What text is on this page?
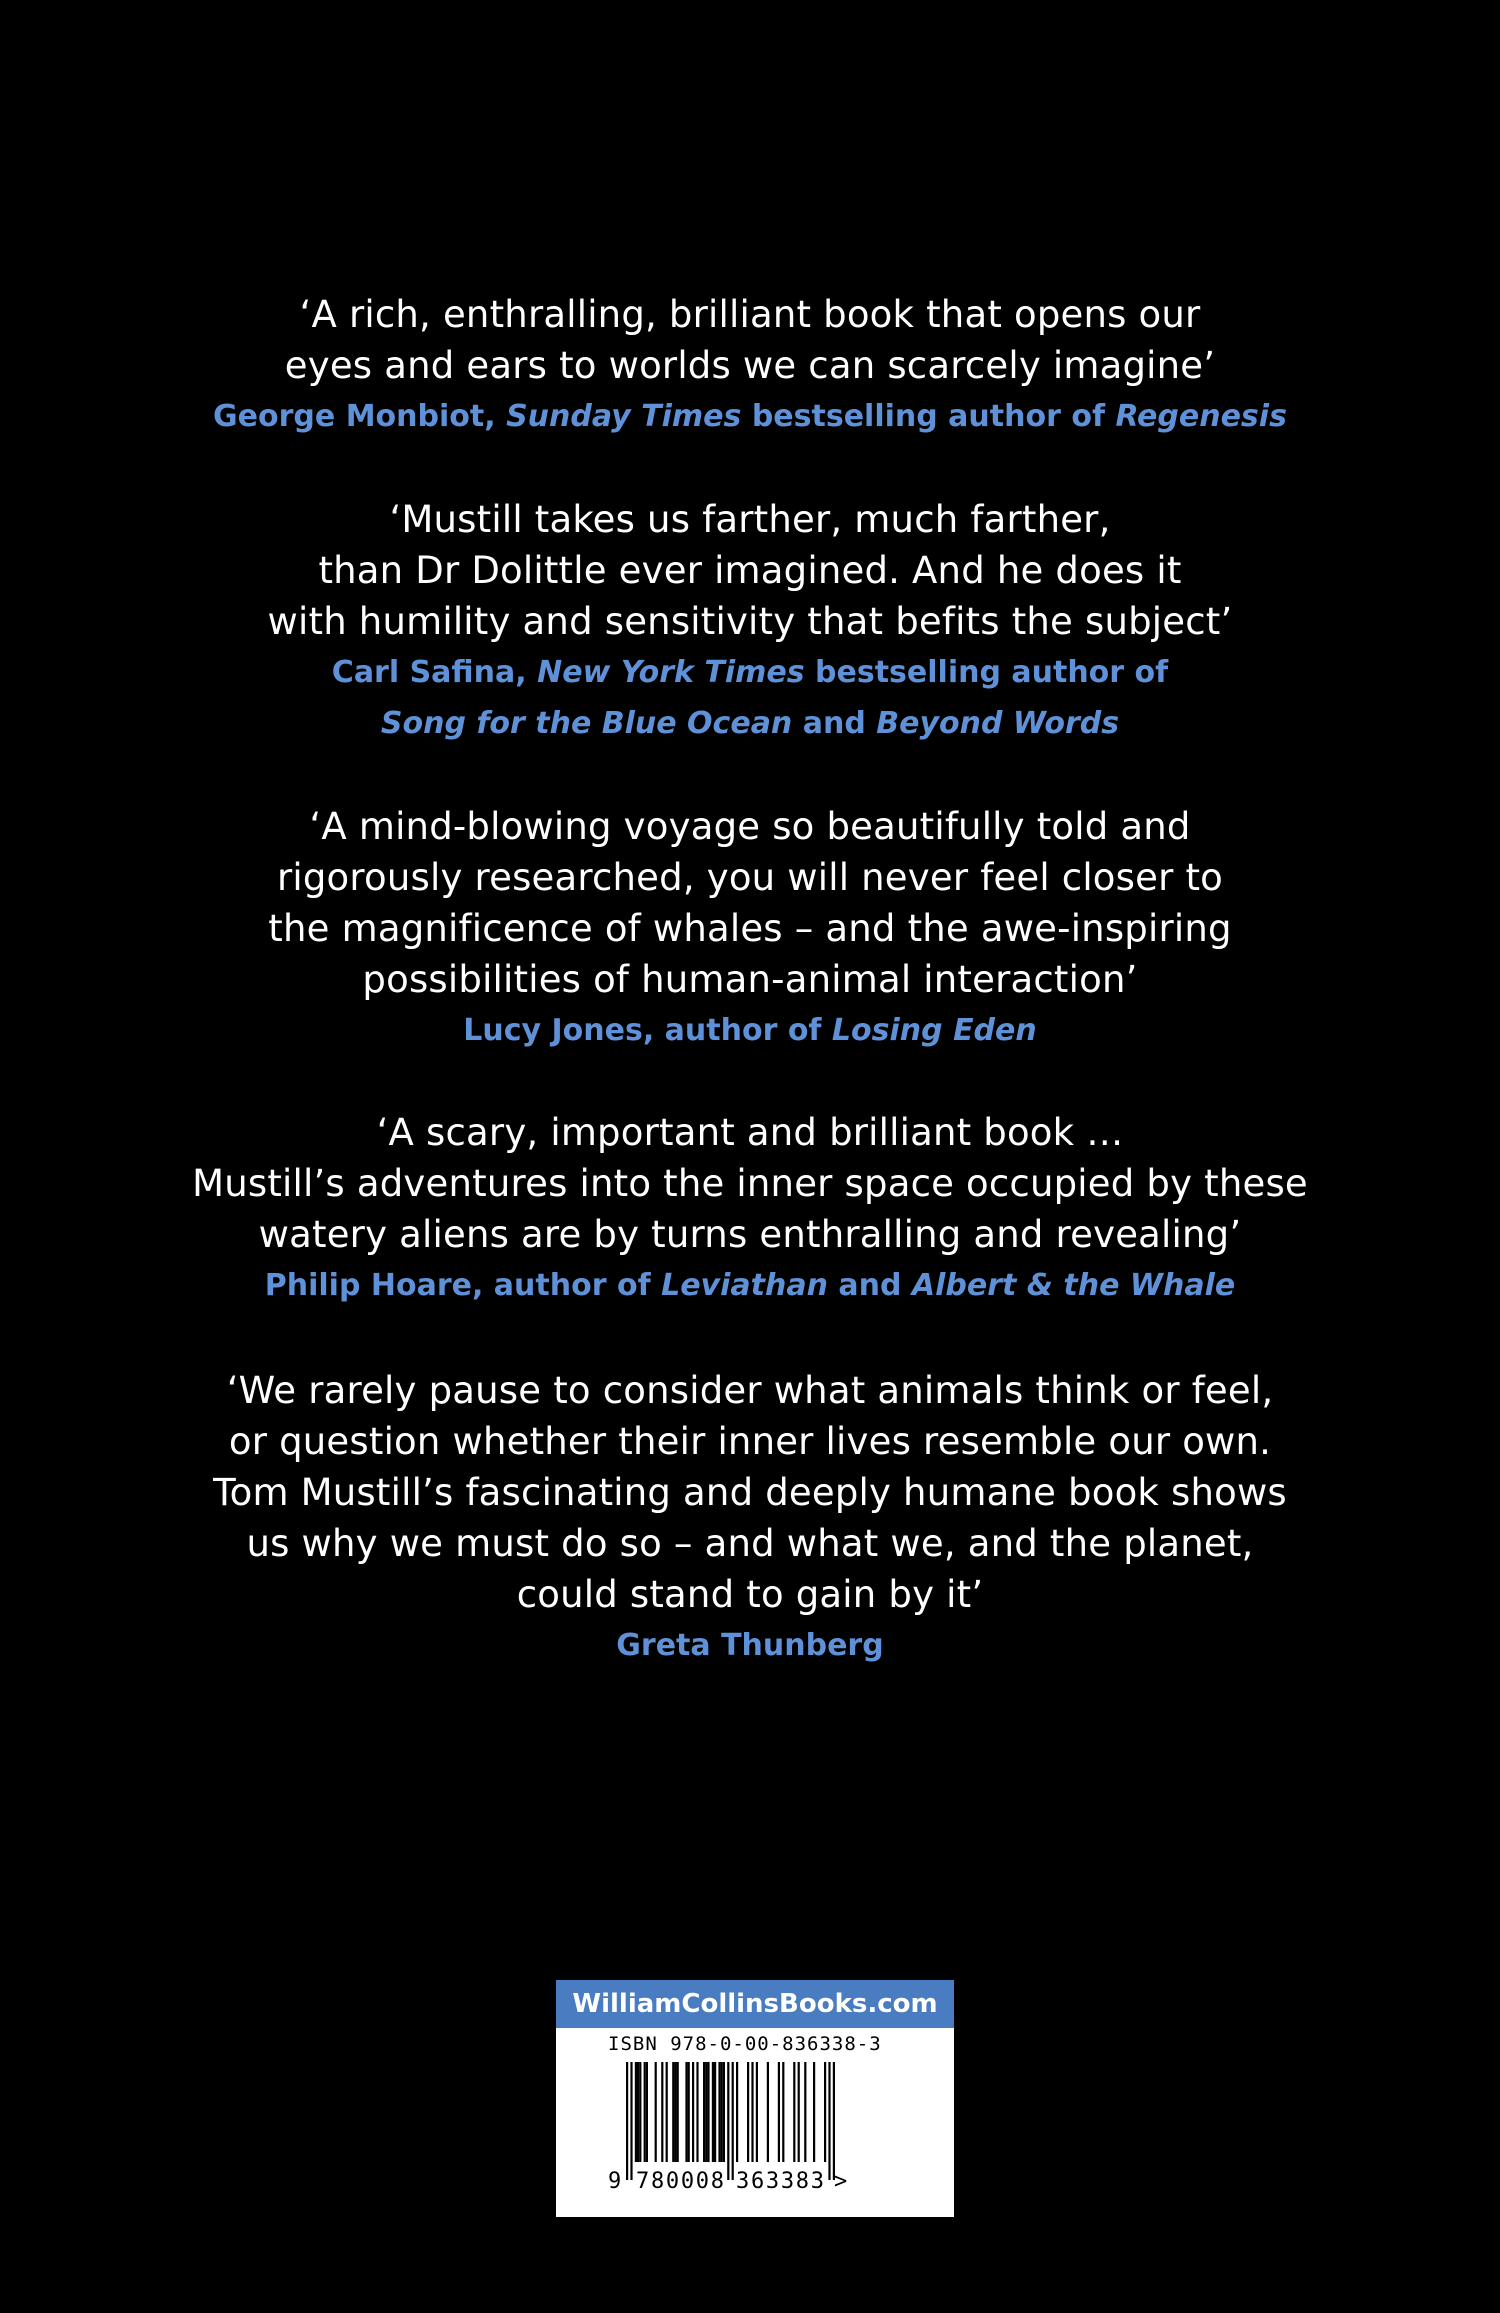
‘A rich, enthralling, brilliant book that opens our
eyes and ears to worlds we can scarcely imagine’
George Monbiot, Sunday Times bestselling author of Regenesis
‘Mustill takes us farther, much farther,
than Dr Dolittle ever imagined. And he does it
with humility and sensitivity that befits the subject’
Carl Safina, New York Times bestselling author of
Song for the Blue Ocean and Beyond Words
‘A mind-blowing voyage so beautifully told and
rigorously researched, you will never feel closer to
the magnificence of whales – and the awe-inspiring
possibilities of human-animal interaction’
Lucy Jones, author of Losing Eden
‘A scary, important and brilliant book …
Mustill’s adventures into the inner space occupied by these
watery aliens are by turns enthralling and revealing’
Philip Hoare, author of Leviathan and Albert & the Whale
‘We rarely pause to consider what animals think or feel,
or question whether their inner lives resemble our own.
Tom Mustill’s fascinating and deeply humane book shows
us why we must do so – and what we, and the planet,
could stand to gain by it’
Greta Thunberg
WilliamCollinsBooks.com
ISBN 978-0-00-836338-3
9 780008 363383 >
